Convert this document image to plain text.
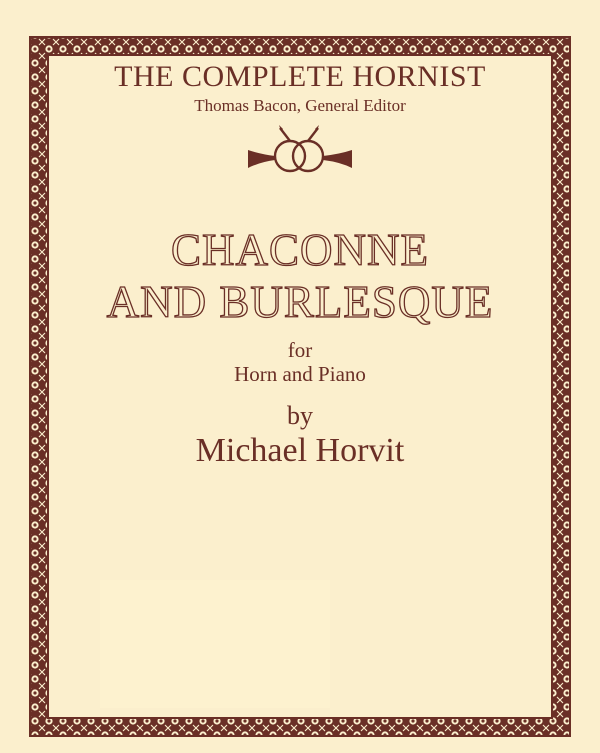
THE COMPLETE HORNIST
Thomas Bacon, General Editor
CHACONNE
AND BURLESQUE
for
Horn and Piano
by
Michael Horvit
